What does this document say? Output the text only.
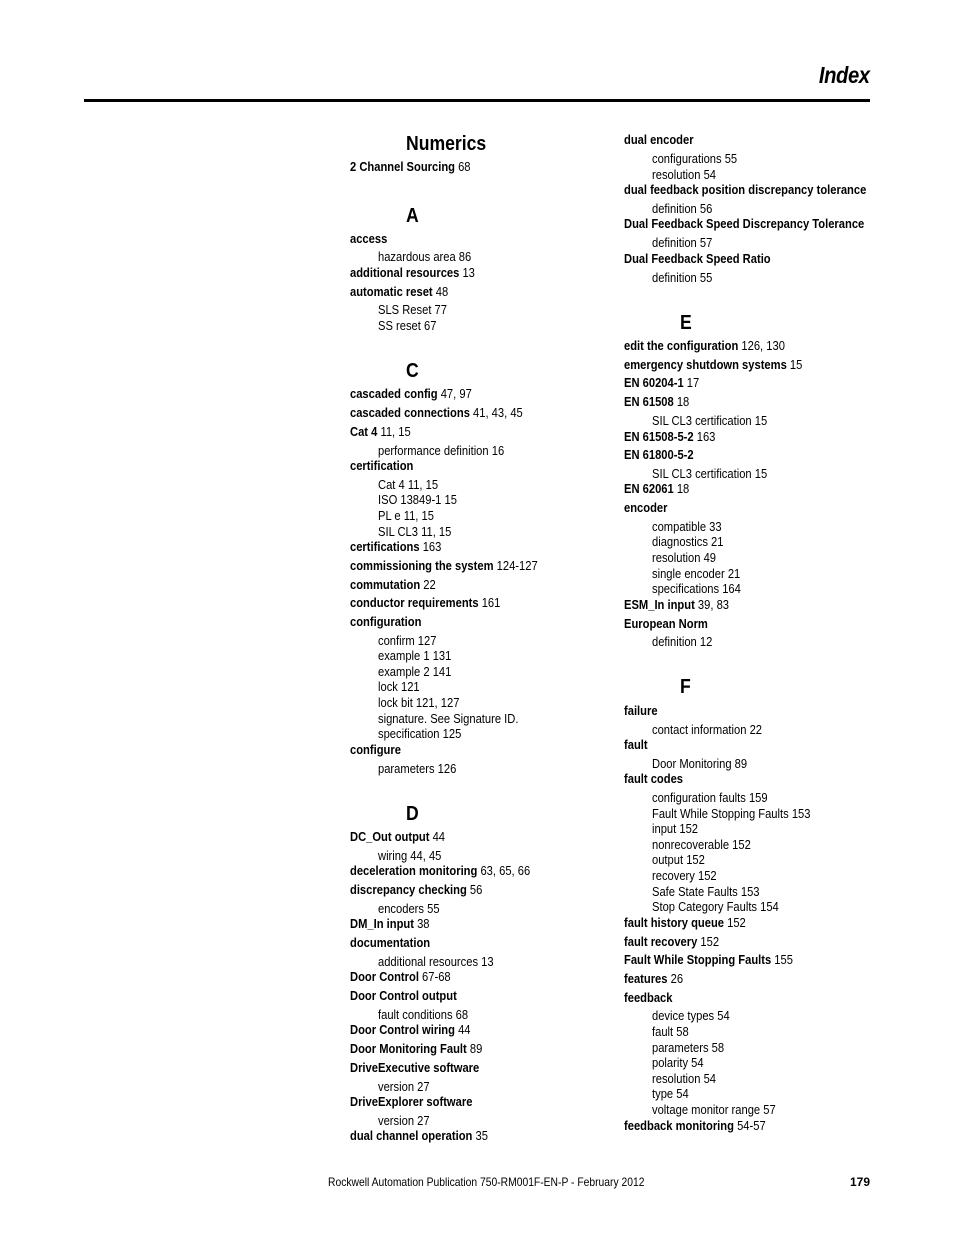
Index
Numerics
2 Channel Sourcing 68
A
access
hazardous area 86
additional resources 13
automatic reset 48
SLS Reset 77
SS reset 67
C
cascaded config 47, 97
cascaded connections 41, 43, 45
Cat 4 11, 15
performance definition 16
certification
Cat 4 11, 15
ISO 13849-1 15
PL e 11, 15
SIL CL3 11, 15
certifications 163
commissioning the system 124-127
commutation 22
conductor requirements 161
configuration
confirm 127
example 1 131
example 2 141
lock 121
lock bit 121, 127
signature. See Signature ID.
specification 125
configure
parameters 126
D
DC_Out output 44
wiring 44, 45
deceleration monitoring 63, 65, 66
discrepancy checking 56
encoders 55
DM_In input 38
documentation
additional resources 13
Door Control 67-68
Door Control output
fault conditions 68
Door Control wiring 44
Door Monitoring Fault 89
DriveExecutive software
version 27
DriveExplorer software
version 27
dual channel operation 35
dual encoder
configurations 55
resolution 54
dual feedback position discrepancy tolerance
definition 56
Dual Feedback Speed Discrepancy Tolerance
definition 57
Dual Feedback Speed Ratio
definition 55
E
edit the configuration 126, 130
emergency shutdown systems 15
EN 60204-1 17
EN 61508 18
SIL CL3 certification 15
EN 61508-5-2 163
EN 61800-5-2
SIL CL3 certification 15
EN 62061 18
encoder
compatible 33
diagnostics 21
resolution 49
single encoder 21
specifications 164
ESM_In input 39, 83
European Norm
definition 12
F
failure
contact information 22
fault
Door Monitoring 89
fault codes
configuration faults 159
Fault While Stopping Faults 153
input 152
nonrecoverable 152
output 152
recovery 152
Safe State Faults 153
Stop Category Faults 154
fault history queue 152
fault recovery 152
Fault While Stopping Faults 155
features 26
feedback
device types 54
fault 58
parameters 58
polarity 54
resolution 54
type 54
voltage monitor range 57
feedback monitoring 54-57
Rockwell Automation Publication 750-RM001F-EN-P - February 2012	179
